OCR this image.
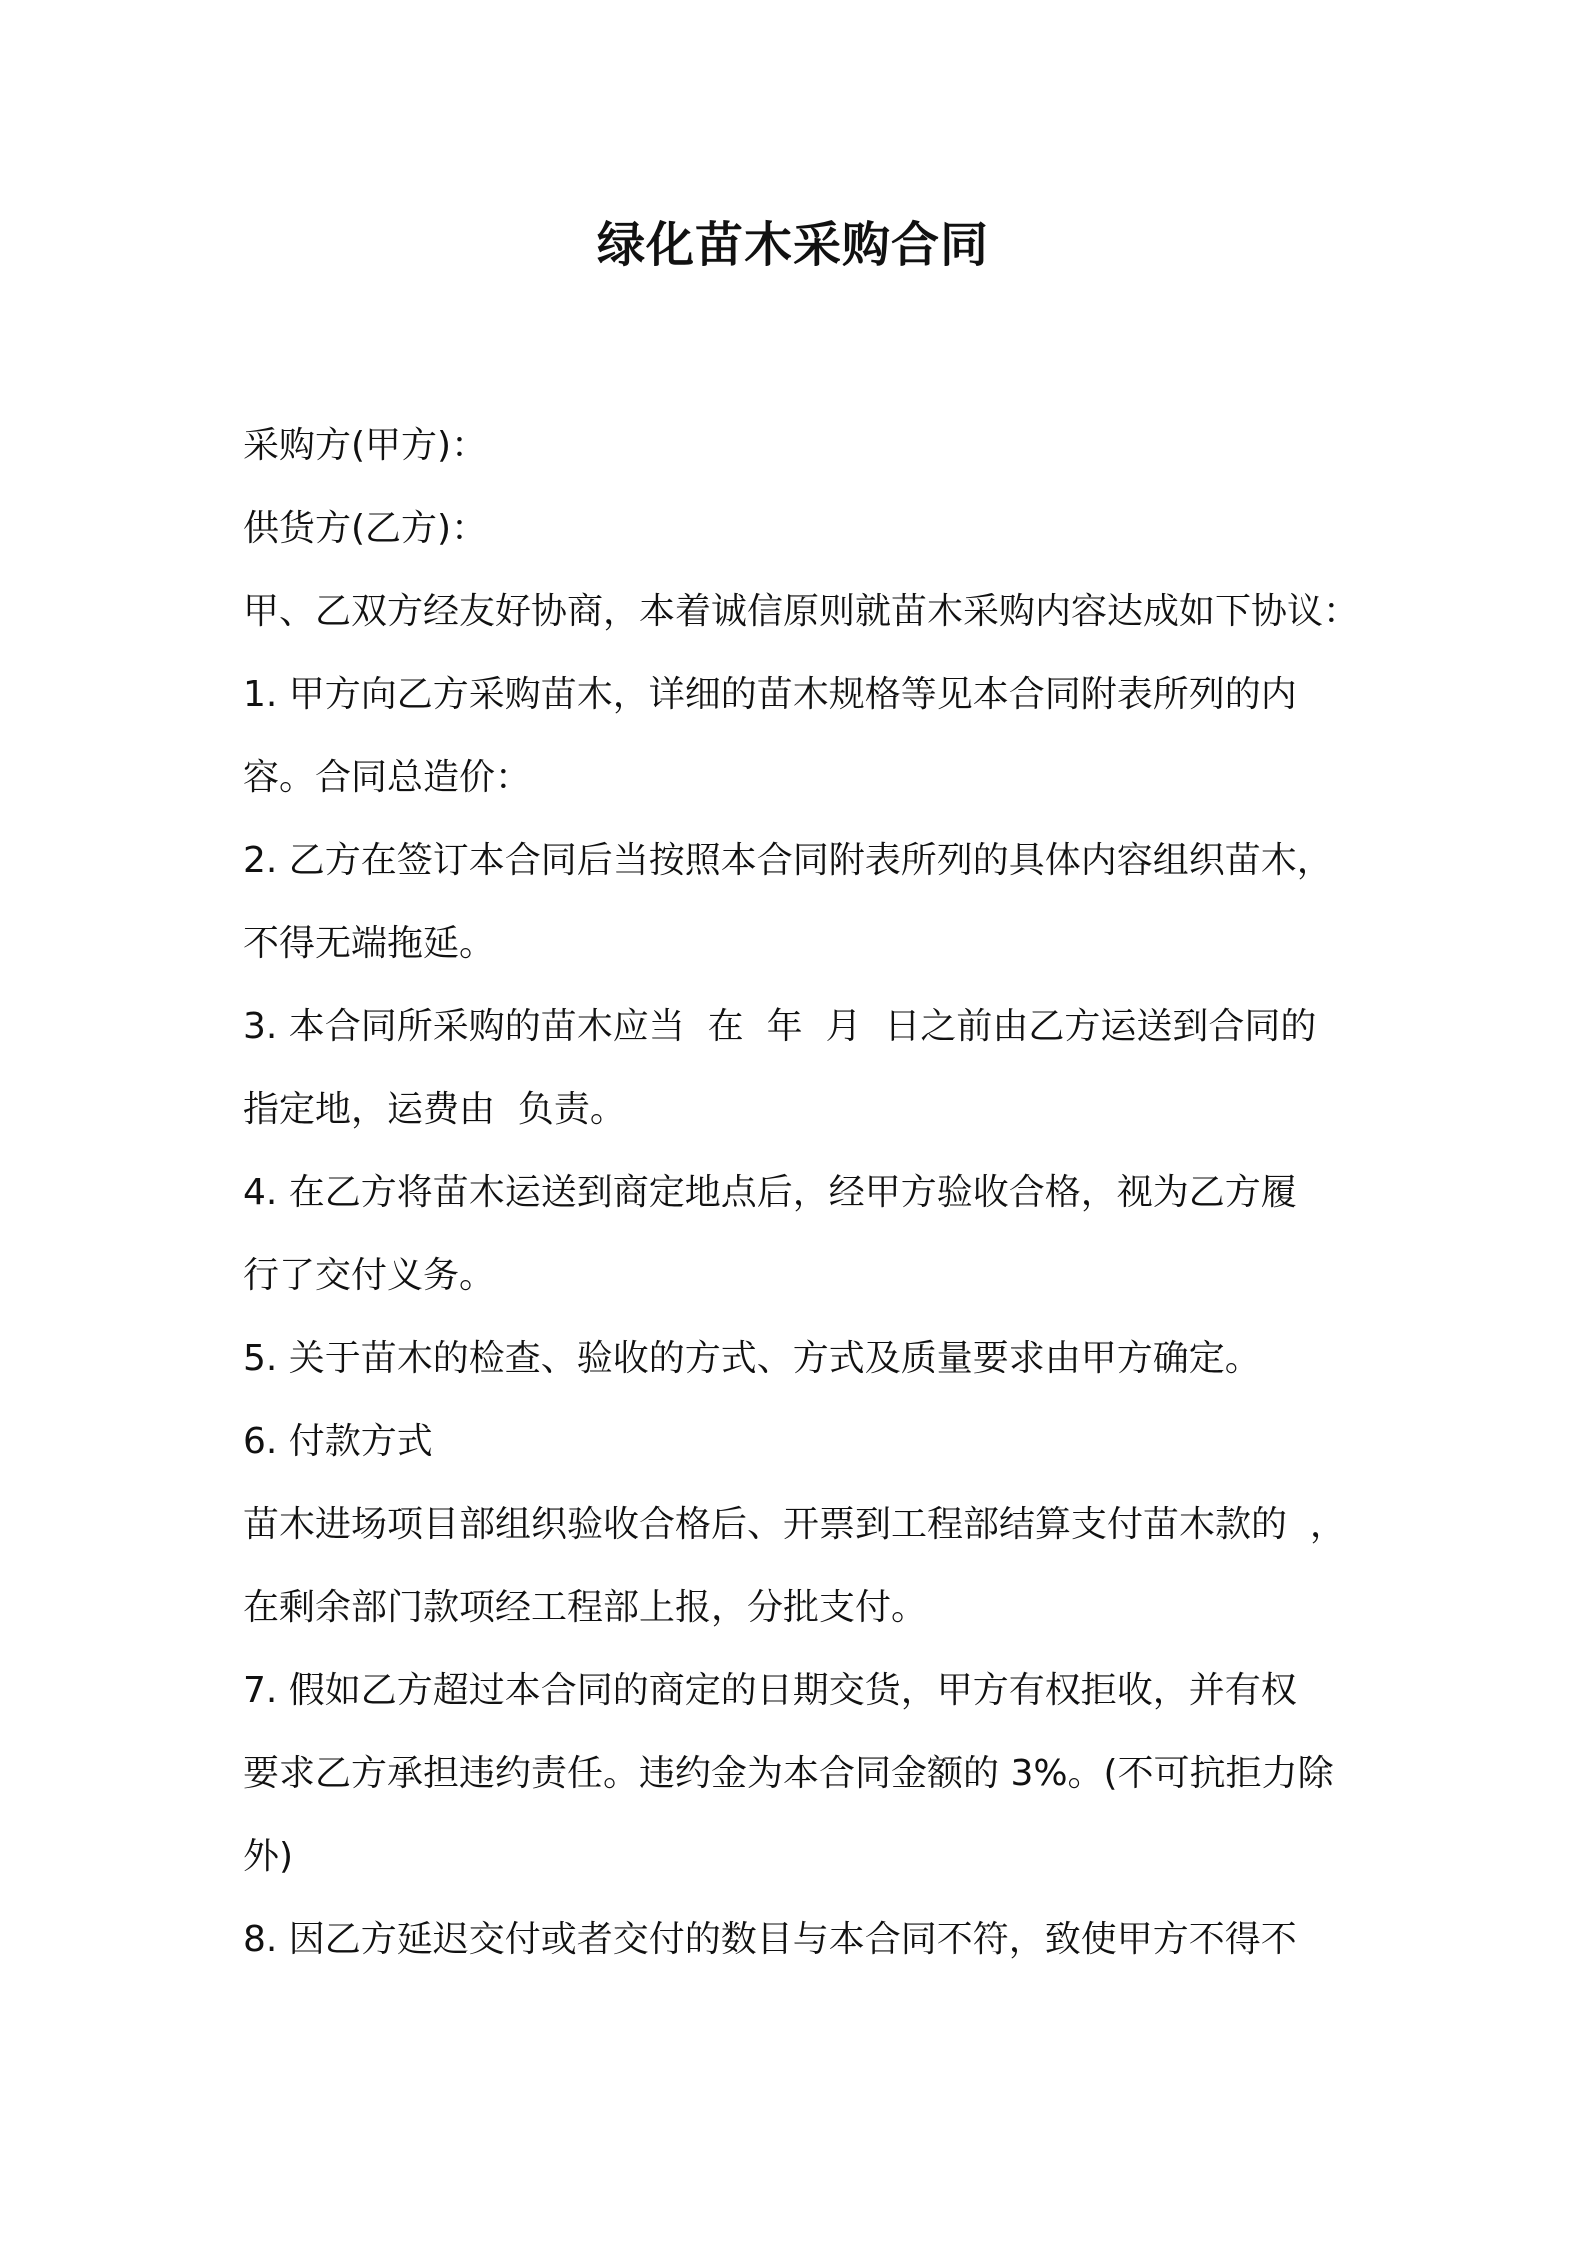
绿化苗木采购合同
采购方(甲方)：
供货方(乙方)：
甲、乙双方经友好协商，本着诚信原则就苗木采购内容达成如下协议：
1. 甲方向乙方采购苗木，详细的苗木规格等见本合同附表所列的内
容。合同总造价：
2. 乙方在签订本合同后当按照本合同附表所列的具体内容组织苗木，
不得无端拖延。
3. 本合同所采购的苗木应当  在  年  月  日之前由乙方运送到合同的
指定地，运费由  负责。
4. 在乙方将苗木运送到商定地点后，经甲方验收合格，视为乙方履
行了交付义务。
5. 关于苗木的检查、验收的方式、方式及质量要求由甲方确定。
6. 付款方式
苗木进场项目部组织验收合格后、开票到工程部结算支付苗木款的  ，
在剩余部门款项经工程部上报，分批支付。
7. 假如乙方超过本合同的商定的日期交货，甲方有权拒收，并有权
要求乙方承担违约责任。违约金为本合同金额的 3%。(不可抗拒力除
外)
8. 因乙方延迟交付或者交付的数目与本合同不符，致使甲方不得不
